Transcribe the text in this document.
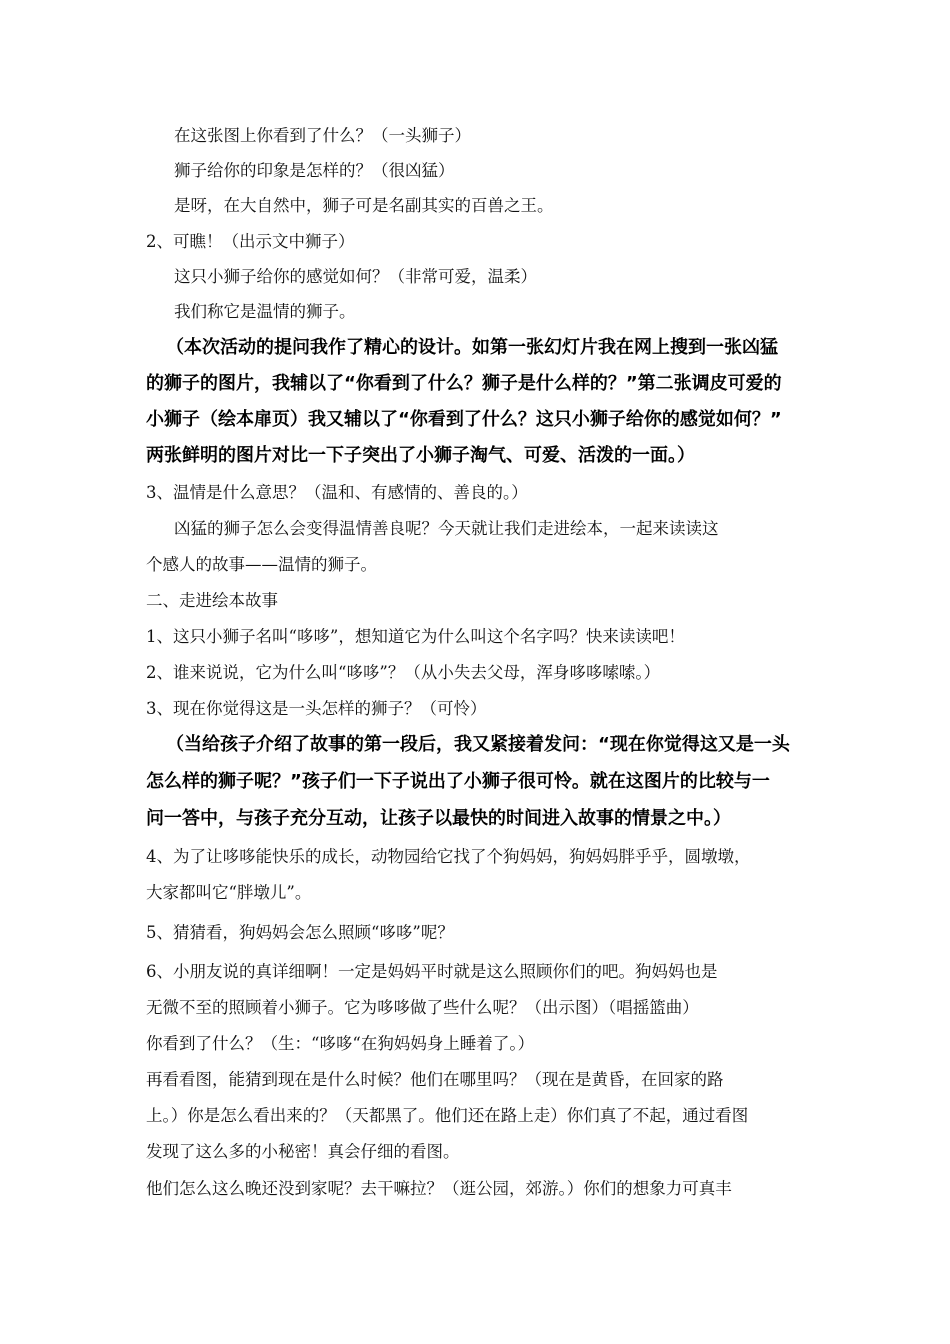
在这张图上你看到了什么？（一头狮子）
狮子给你的印象是怎样的？（很凶猛）
是呀，在大自然中，狮子可是名副其实的百兽之王。
2、可瞧！（出示文中狮子）
这只小狮子给你的感觉如何？（非常可爱，温柔）
我们称它是温情的狮子。
（本次活动的提问我作了精心的设计。如第一张幻灯片我在网上搜到一张凶猛
的狮子的图片，我辅以了“你看到了什么？狮子是什么样的？”第二张调皮可爱的
小狮子（绘本扉页）我又辅以了“你看到了什么？这只小狮子给你的感觉如何？”
两张鲜明的图片对比一下子突出了小狮子淘气、可爱、活泼的一面。）
3、温情是什么意思？（温和、有感情的、善良的。）
凶猛的狮子怎么会变得温情善良呢？今天就让我们走进绘本，一起来读读这
个感人的故事——温情的狮子。
二、走进绘本故事
1、这只小狮子名叫“哆哆”，想知道它为什么叫这个名字吗？快来读读吧！
2、谁来说说，它为什么叫“哆哆”？（从小失去父母，浑身哆哆嗦嗦。）
3、现在你觉得这是一头怎样的狮子？（可怜）
（当给孩子介绍了故事的第一段后，我又紧接着发问：“现在你觉得这又是一头
怎么样的狮子呢？”孩子们一下子说出了小狮子很可怜。就在这图片的比较与一
问一答中，与孩子充分互动，让孩子以最快的时间进入故事的情景之中。）
4、为了让哆哆能快乐的成长，动物园给它找了个狗妈妈，狗妈妈胖乎乎，圆墩墩，
大家都叫它“胖墩儿”。
5、猜猜看，狗妈妈会怎么照顾“哆哆”呢？
6、小朋友说的真详细啊！一定是妈妈平时就是这么照顾你们的吧。狗妈妈也是
无微不至的照顾着小狮子。它为哆哆做了些什么呢？（出示图）（唱摇篮曲）
你看到了什么？（生：“哆哆“在狗妈妈身上睡着了。）
再看看图，能猜到现在是什么时候？他们在哪里吗？（现在是黄昏，在回家的路
上。）你是怎么看出来的？（天都黑了。他们还在路上走）你们真了不起，通过看图
发现了这么多的小秘密！真会仔细的看图。
他们怎么这么晚还没到家呢？去干嘛拉？（逛公园，郊游。）你们的想象力可真丰
